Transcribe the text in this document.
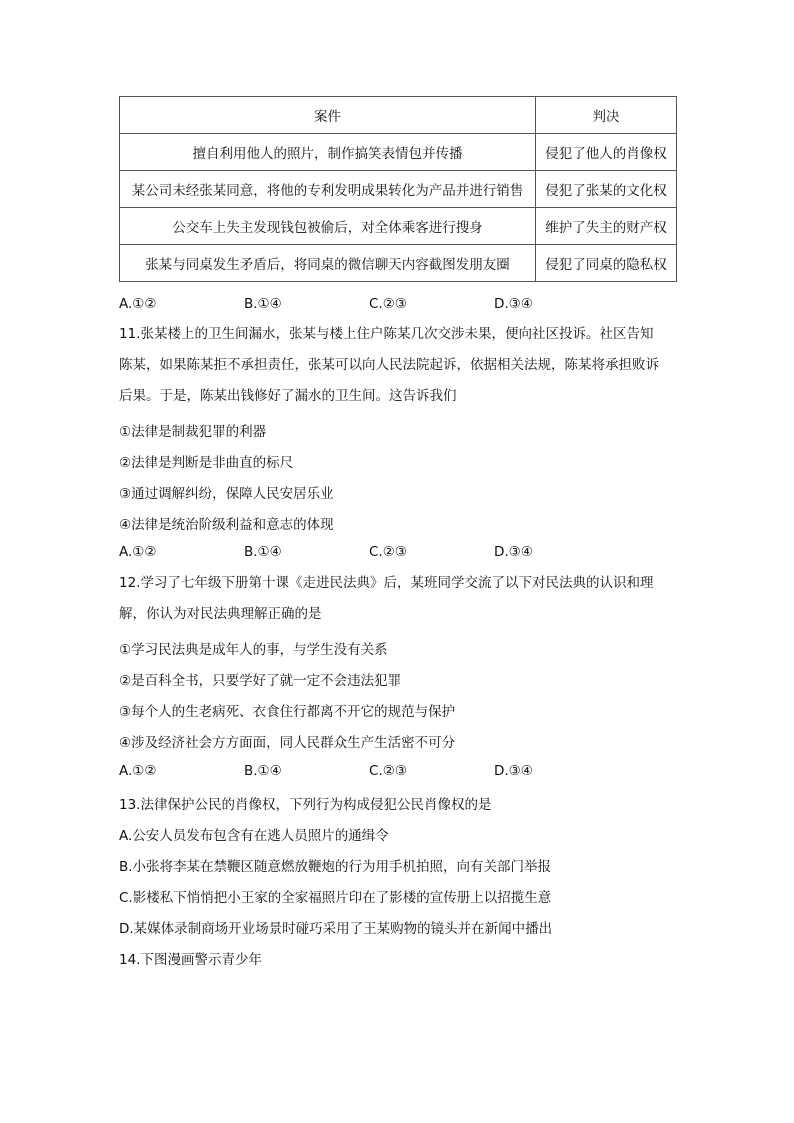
案件	判决
擅自利用他人的照片，制作搞笑表情包并传播	侵犯了他人的肖像权
某公司未经张某同意，将他的专利发明成果转化为产品并进行销售	侵犯了张某的文化权
公交车上失主发现钱包被偷后，对全体乘客进行搜身	维护了失主的财产权
张某与同桌发生矛盾后，将同桌的微信聊天内容截图发朋友圈	侵犯了同桌的隐私权
A.①②	B.①④	C.②③	D.③④
11.张某楼上的卫生间漏水，张某与楼上住户陈某几次交涉未果，便向社区投诉。社区告知
陈某，如果陈某拒不承担责任，张某可以向人民法院起诉，依据相关法规，陈某将承担败诉
后果。于是，陈某出钱修好了漏水的卫生间。这告诉我们
①法律是制裁犯罪的利器
②法律是判断是非曲直的标尺
③通过调解纠纷，保障人民安居乐业
④法律是统治阶级利益和意志的体现
A.①②	B.①④	C.②③	D.③④
12.学习了七年级下册第十课《走进民法典》后，某班同学交流了以下对民法典的认识和理
解，你认为对民法典理解正确的是
①学习民法典是成年人的事，与学生没有关系
②是百科全书，只要学好了就一定不会违法犯罪
③每个人的生老病死、衣食住行都离不开它的规范与保护
④涉及经济社会方方面面，同人民群众生产生活密不可分
A.①②	B.①④	C.②③	D.③④
13.法律保护公民的肖像权，下列行为构成侵犯公民肖像权的是
A.公安人员发布包含有在逃人员照片的通缉令
B.小张将李某在禁鞭区随意燃放鞭炮的行为用手机拍照，向有关部门举报
C.影楼私下悄悄把小王家的全家福照片印在了影楼的宣传册上以招揽生意
D.某媒体录制商场开业场景时碰巧采用了王某购物的镜头并在新闻中播出
14.下图漫画警示青少年
